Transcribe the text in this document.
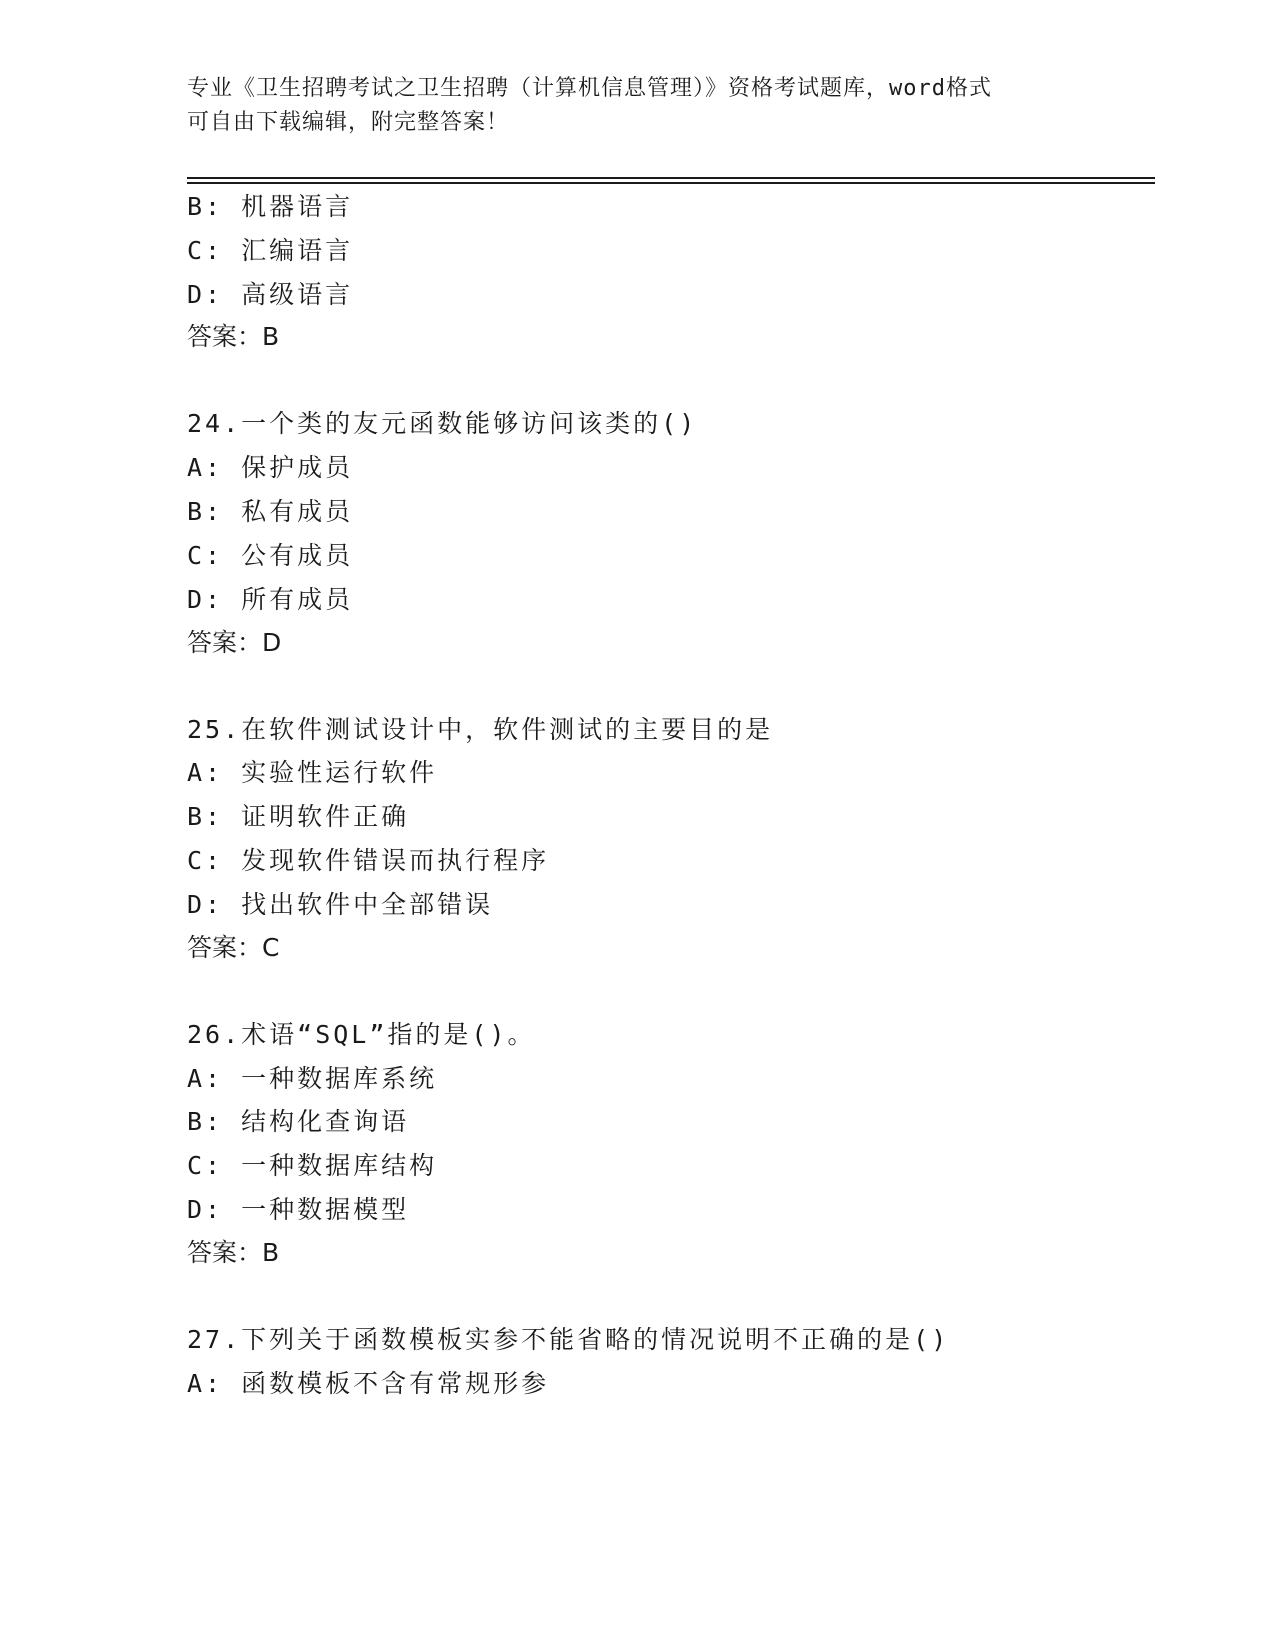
专业《卫生招聘考试之卫生招聘（计算机信息管理）》资格考试题库，word格式
可自由下载编辑，附完整答案！
B: 机器语言
C: 汇编语言
D: 高级语言
答案：B
24.一个类的友元函数能够访问该类的()
A: 保护成员
B: 私有成员
C: 公有成员
D: 所有成员
答案：D
25.在软件测试设计中，软件测试的主要目的是
A: 实验性运行软件
B: 证明软件正确
C: 发现软件错误而执行程序
D: 找出软件中全部错误
答案：C
26.术语“SQL”指的是()。
A: 一种数据库系统
B: 结构化查询语
C: 一种数据库结构
D: 一种数据模型
答案：B
27.下列关于函数模板实参不能省略的情况说明不正确的是()
A: 函数模板不含有常规形参
